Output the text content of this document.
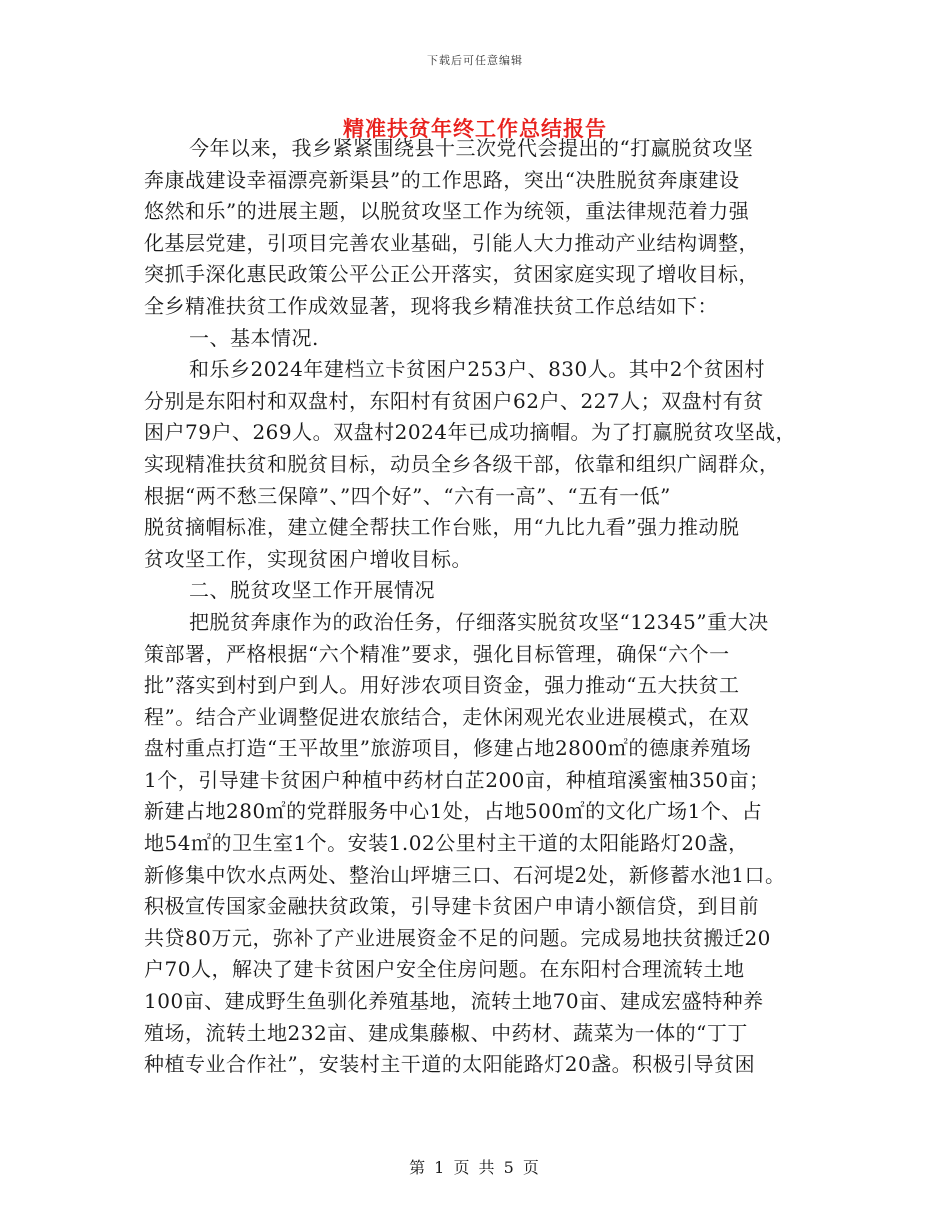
下载后可任意编辑
精准扶贫年终工作总结报告
今年以来，我乡紧紧围绕县十三次党代会提出的“打赢脱贫攻坚
奔康战建设幸福漂亮新渠县”的工作思路，突出“决胜脱贫奔康建设
悠然和乐”的进展主题，以脱贫攻坚工作为统领，重法律规范着力强
化基层党建，引项目完善农业基础，引能人大力推动产业结构调整，
突抓手深化惠民政策公平公正公开落实，贫困家庭实现了增收目标，
全乡精准扶贫工作成效显著，现将我乡精准扶贫工作总结如下：
一、基本情况.
和乐乡2024年建档立卡贫困户253户、830人。其中2个贫困村
分别是东阳村和双盘村，东阳村有贫困户62户、227人；双盘村有贫
困户79户、269人。双盘村2024年已成功摘帽。为了打赢脱贫攻坚战，
实现精准扶贫和脱贫目标，动员全乡各级干部，依靠和组织广阔群众，
根据“两不愁三保障”、”四个好”、“六有一高”、“五有一低”
脱贫摘帽标准，建立健全帮扶工作台账，用“九比九看”强力推动脱
贫攻坚工作，实现贫困户增收目标。
二、脱贫攻坚工作开展情况
把脱贫奔康作为的政治任务，仔细落实脱贫攻坚“12345”重大决
策部署，严格根据“六个精准”要求，强化目标管理，确保“六个一
批”落实到村到户到人。用好涉农项目资金，强力推动“五大扶贫工
程”。结合产业调整促进农旅结合，走休闲观光农业进展模式，在双
盘村重点打造“王平故里”旅游项目，修建占地2800㎡的德康养殖场
1个，引导建卡贫困户种植中药材白芷200亩，种植琯溪蜜柚350亩；
新建占地280㎡的党群服务中心1处，占地500㎡的文化广场1个、占
地54㎡的卫生室1个。安装1.02公里村主干道的太阳能路灯20盏，
新修集中饮水点两处、整治山坪塘三口、石河堤2处，新修蓄水池1口。
积极宣传国家金融扶贫政策，引导建卡贫困户申请小额信贷，到目前
共贷80万元，弥补了产业进展资金不足的问题。完成易地扶贫搬迁20
户70人，解决了建卡贫困户安全住房问题。在东阳村合理流转土地
100亩、建成野生鱼驯化养殖基地，流转土地70亩、建成宏盛特种养
殖场，流转土地232亩、建成集藤椒、中药材、蔬菜为一体的“丁丁
种植专业合作社”，安装村主干道的太阳能路灯20盏。积极引导贫困
第 1 页 共 5 页
